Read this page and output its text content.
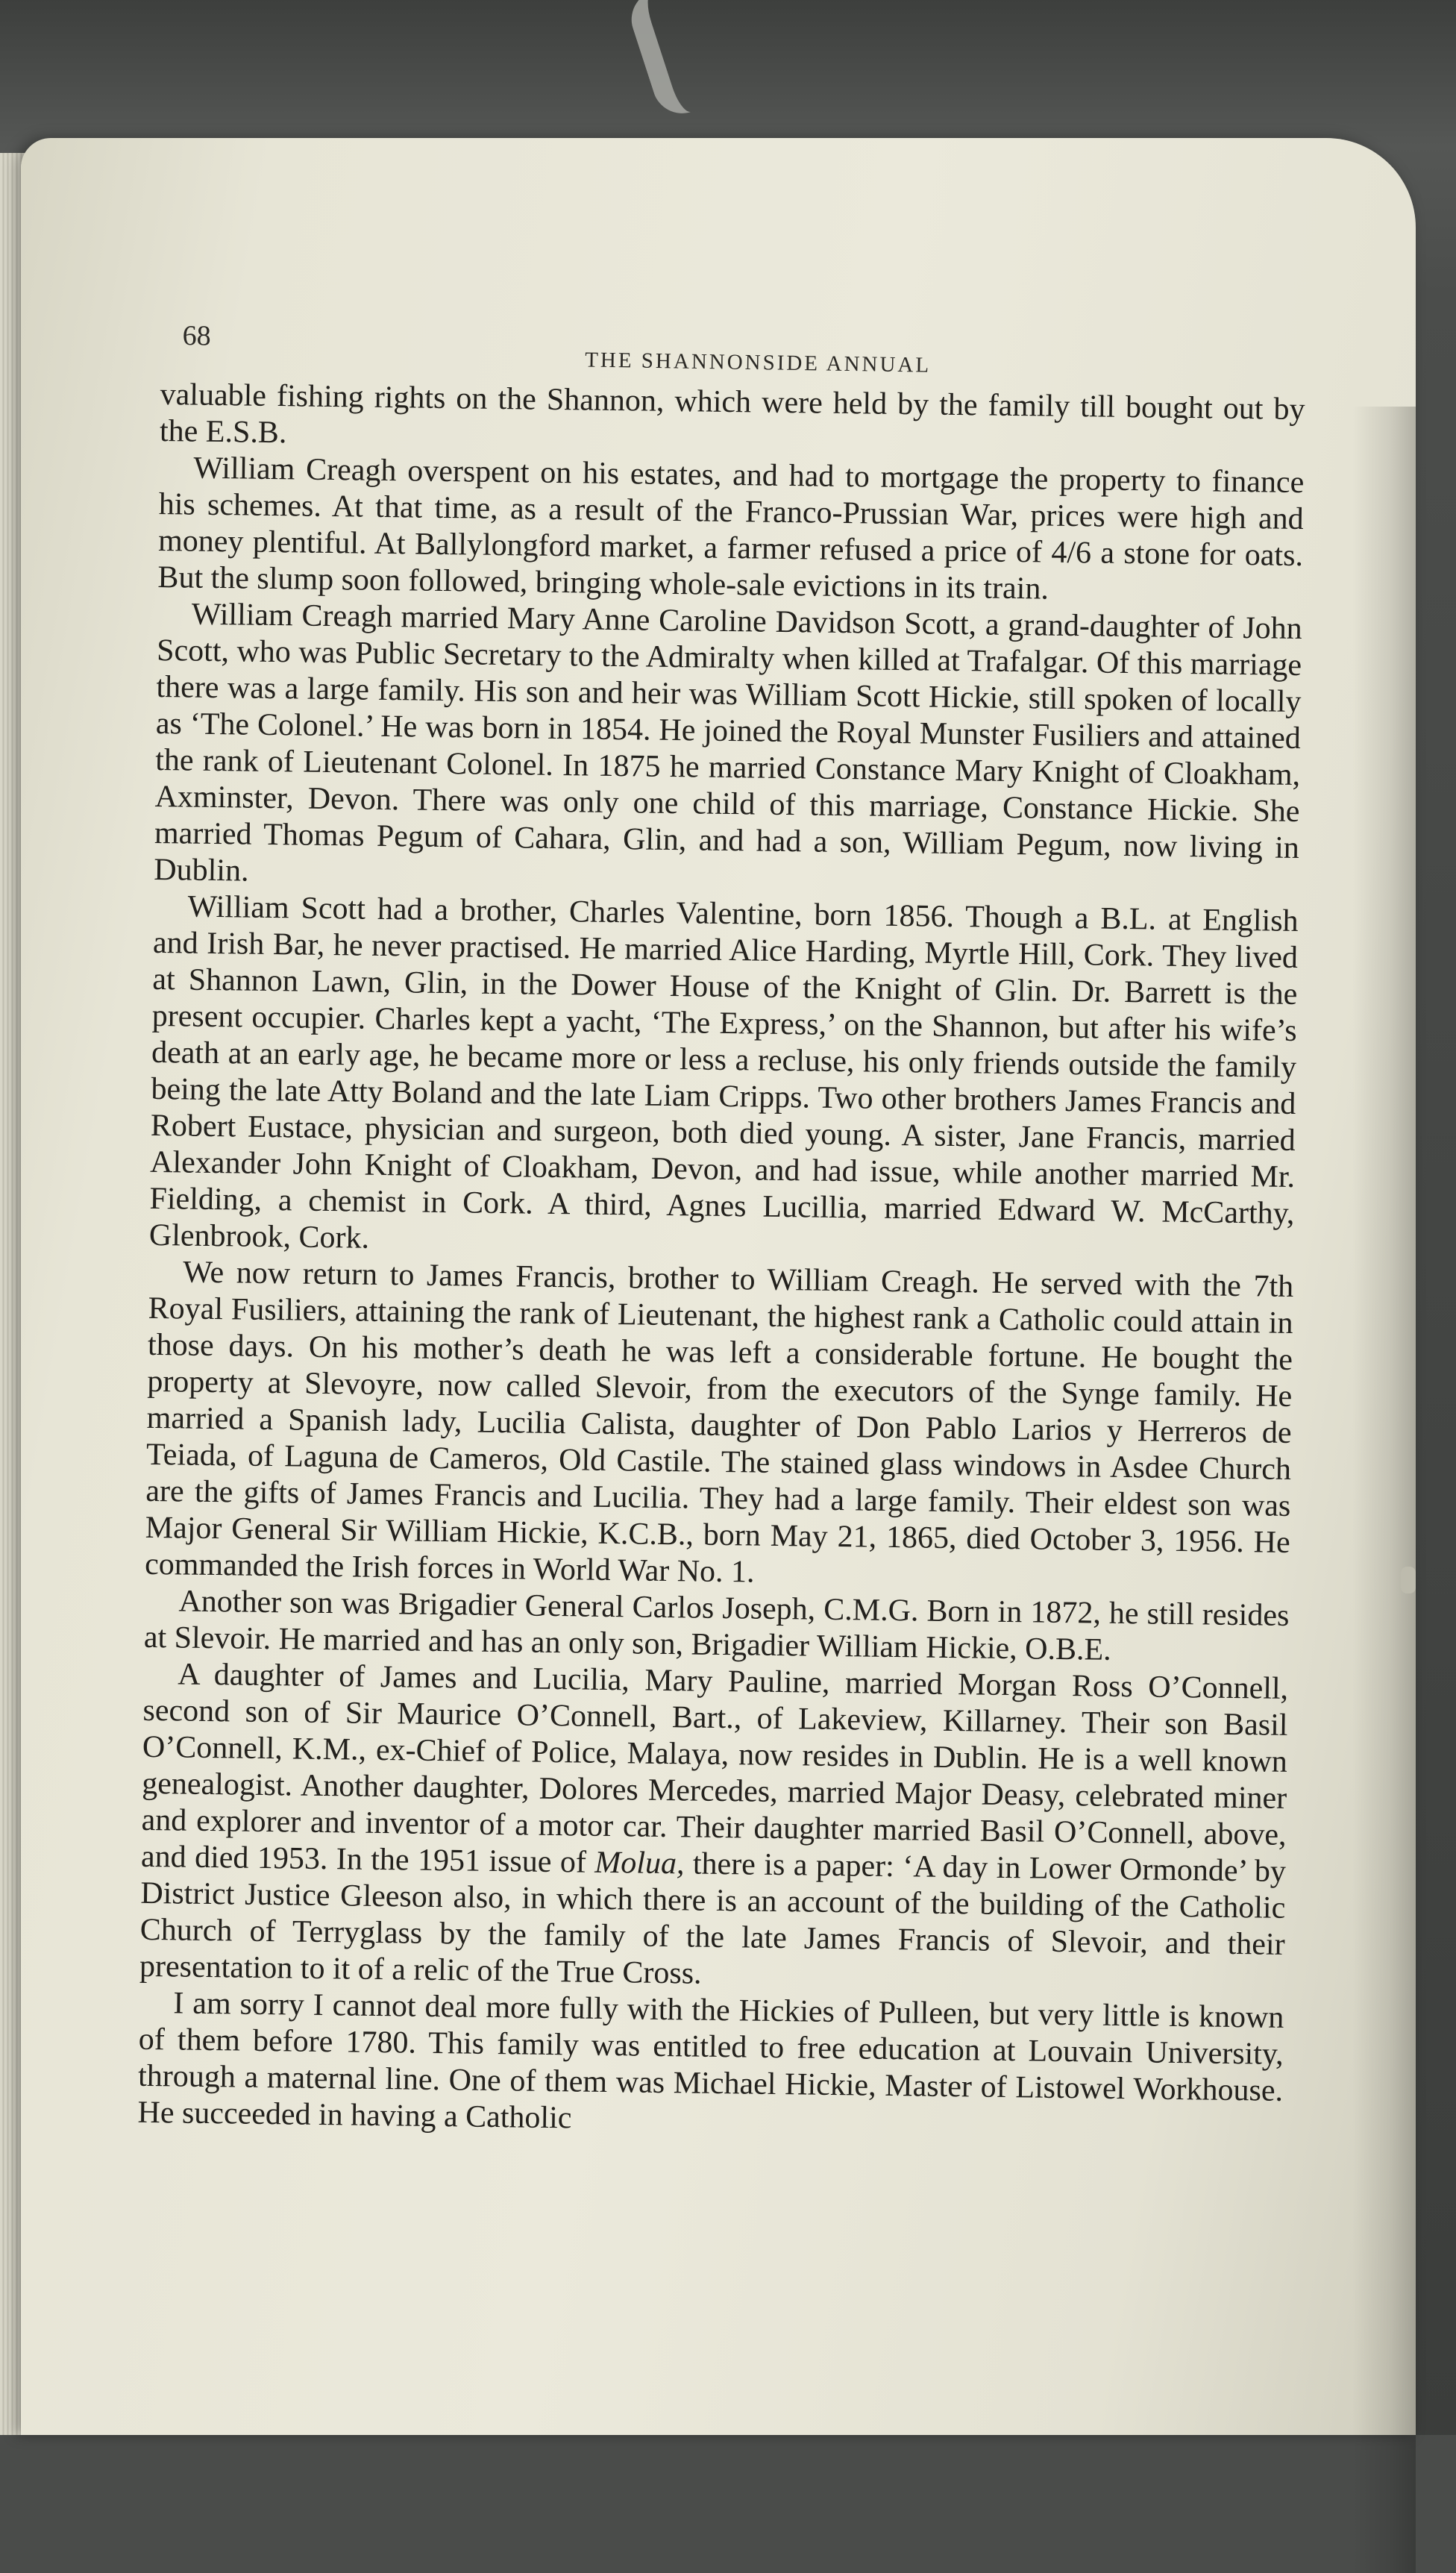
68
THE SHANNONSIDE ANNUAL

valuable fishing rights on the Shannon, which were held by the family till bought out by the E.S.B.

William Creagh overspent on his estates, and had to mortgage the property to finance his schemes. At that time, as a result of the Franco-Prussian War, prices were high and money plentiful. At Ballylongford market, a farmer refused a price of 4/6 a stone for oats. But the slump soon followed, bringing whole-sale evictions in its train.

William Creagh married Mary Anne Caroline Davidson Scott, a grand-daughter of John Scott, who was Public Secretary to the Admiralty when killed at Trafalgar. Of this marriage there was a large family. His son and heir was William Scott Hickie, still spoken of locally as ‘The Colonel.’ He was born in 1854. He joined the Royal Munster Fusiliers and attained the rank of Lieutenant Colonel. In 1875 he married Constance Mary Knight of Cloakham, Axminster, Devon. There was only one child of this marriage, Constance Hickie. She married Thomas Pegum of Cahara, Glin, and had a son, William Pegum, now living in Dublin.

William Scott had a brother, Charles Valentine, born 1856. Though a B.L. at English and Irish Bar, he never practised. He married Alice Harding, Myrtle Hill, Cork. They lived at Shannon Lawn, Glin, in the Dower House of the Knight of Glin. Dr. Barrett is the present occupier. Charles kept a yacht, ‘The Express,’ on the Shannon, but after his wife’s death at an early age, he became more or less a recluse, his only friends outside the family being the late Atty Boland and the late Liam Cripps. Two other brothers James Francis and Robert Eustace, physician and surgeon, both died young. A sister, Jane Francis, married Alexander John Knight of Cloakham, Devon, and had issue, while another married Mr. Fielding, a chemist in Cork. A third, Agnes Lucillia, married Edward W. McCarthy, Glenbrook, Cork.

We now return to James Francis, brother to William Creagh. He served with the 7th Royal Fusiliers, attaining the rank of Lieutenant, the highest rank a Catholic could attain in those days. On his mother’s death he was left a considerable fortune. He bought the property at Slevoyre, now called Slevoir, from the executors of the Synge family. He married a Spanish lady, Lucilia Calista, daughter of Don Pablo Larios y Herreros de Teiada, of Laguna de Cameros, Old Castile. The stained glass windows in Asdee Church are the gifts of James Francis and Lucilia. They had a large family. Their eldest son was Major General Sir William Hickie, K.C.B., born May 21, 1865, died October 3, 1956. He commanded the Irish forces in World War No. 1.

Another son was Brigadier General Carlos Joseph, C.M.G. Born in 1872, he still resides at Slevoir. He married and has an only son, Brigadier William Hickie, O.B.E.

A daughter of James and Lucilia, Mary Pauline, married Morgan Ross O’Connell, second son of Sir Maurice O’Connell, Bart., of Lakeview, Killarney. Their son Basil O’Connell, K.M., ex-Chief of Police, Malaya, now resides in Dublin. He is a well known genealogist. Another daughter, Dolores Mercedes, married Major Deasy, celebrated miner and explorer and inventor of a motor car. Their daughter married Basil O’Connell, above, and died 1953. In the 1951 issue of Molua, there is a paper: ‘A day in Lower Ormonde’ by District Justice Gleeson also, in which there is an account of the building of the Catholic Church of Terryglass by the family of the late James Francis of Slevoir, and their presentation to it of a relic of the True Cross.

I am sorry I cannot deal more fully with the Hickies of Pulleen, but very little is known of them before 1780. This family was entitled to free education at Louvain University, through a maternal line. One of them was Michael Hickie, Master of Listowel Workhouse. He succeeded in having a Catholic
